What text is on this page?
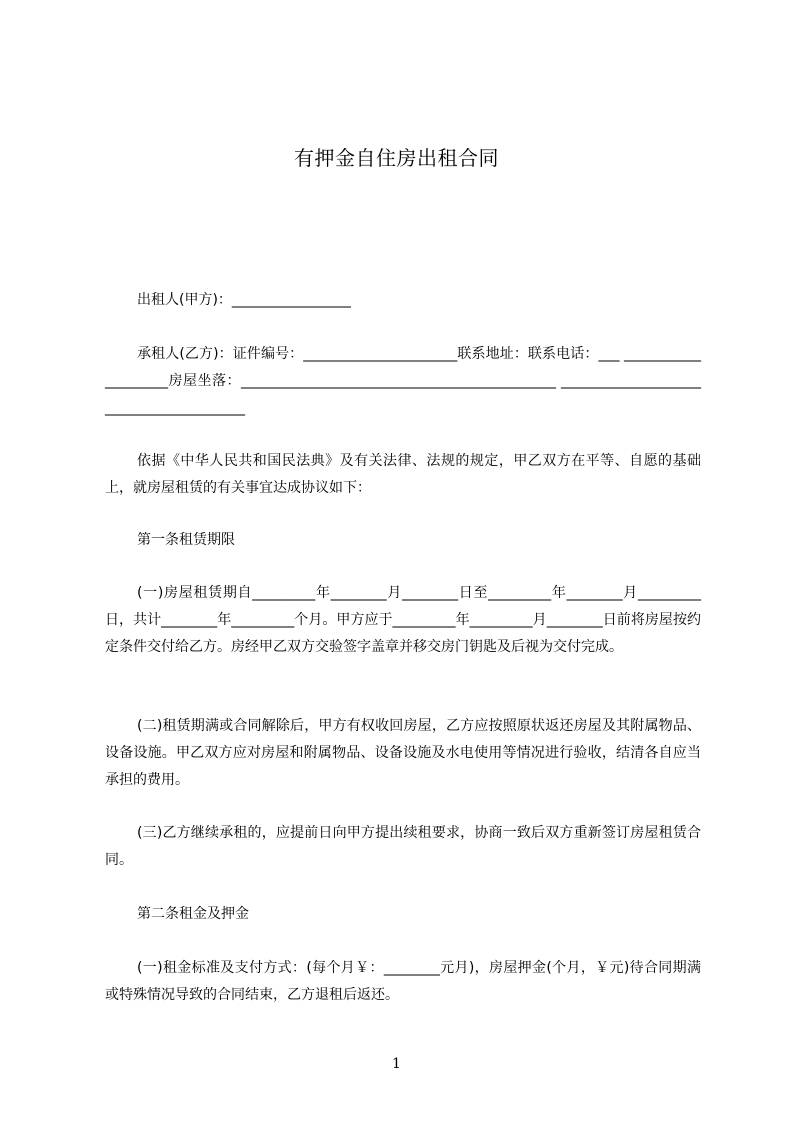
有押金自住房出租合同
出租人(甲方)：_________________
承租人(乙方)：证件编号：______________________联系地址：联系电话：___ ____________________房屋坐落：_____________________________________________ ________________________________________
依据《中华人民共和国民法典》及有关法律、法规的规定，甲乙双方在平等、自愿的基础上，就房屋租赁的有关事宜达成协议如下：
第一条租赁期限
(一)房屋租赁期自_________年________月________日至_________年________月_________日，共计________年_________个月。甲方应于_________年_________月________日前将房屋按约定条件交付给乙方。房经甲乙双方交验签字盖章并移交房门钥匙及后视为交付完成。
(二)租赁期满或合同解除后，甲方有权收回房屋，乙方应按照原状返还房屋及其附属物品、设备设施。甲乙双方应对房屋和附属物品、设备设施及水电使用等情况进行验收，结清各自应当承担的费用。
(三)乙方继续承租的，应提前日向甲方提出续租要求，协商一致后双方重新签订房屋租赁合同。
第二条租金及押金
(一)租金标准及支付方式：(每个月￥：________元月)，房屋押金(个月，￥元)待合同期满或特殊情况导致的合同结束，乙方退租后返还。
1
